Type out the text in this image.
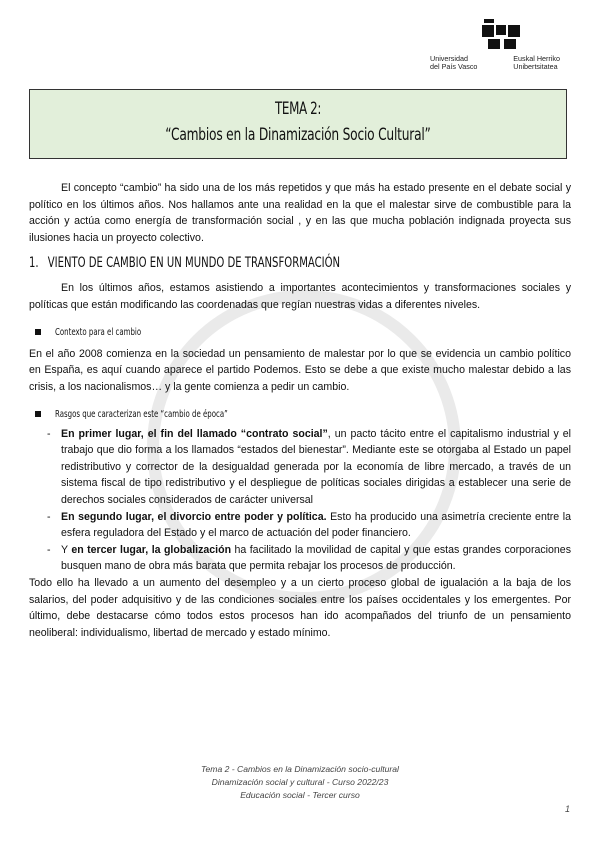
Universidad
del País Vasco
Euskal Herriko
Unibertsitatea
TEMA 2:
“Cambios en la Dinamización Socio Cultural”

El concepto “cambio” ha sido una de los más repetidos y que más ha estado presente en el debate social y político en los últimos años. Nos hallamos ante una realidad en la que el malestar sirve de combustible para la acción y actúa como energía de transformación social , y en las que mucha población indignada proyecta sus ilusiones hacia un proyecto colectivo.

1. VIENTO DE CAMBIO EN UN MUNDO DE TRANSFORMACIÓN

En los últimos años, estamos asistiendo a importantes acontecimientos y transformaciones sociales y políticas que están modificando las coordenadas que regían nuestras vidas a diferentes niveles.

Contexto para el cambio

En el año 2008 comienza en la sociedad un pensamiento de malestar por lo que se evidencia un cambio político en España, es aquí cuando aparece el partido Podemos. Esto se debe a que existe mucho malestar debido a las crisis, a los nacionalismos… y la gente comienza a pedir un cambio.

Rasgos que caracterizan este “cambio de época”
- En primer lugar, el fin del llamado “contrato social”, un pacto tácito entre el capitalismo industrial y el trabajo que dio forma a los llamados “estados del bienestar”. Mediante este se otorgaba al Estado un papel redistributivo y corrector de la desigualdad generada por la economía de libre mercado, a través de un sistema fiscal de tipo redistributivo y el despliegue de políticas sociales dirigidas a establecer una serie de derechos sociales considerados de carácter universal
- En segundo lugar, el divorcio entre poder y política. Esto ha producido una asimetría creciente entre la esfera reguladora del Estado y el marco de actuación del poder financiero.
- Y en tercer lugar, la globalización ha facilitado la movilidad de capital y que estas grandes corporaciones busquen mano de obra más barata que permita rebajar los procesos de producción.

Todo ello ha llevado a un aumento del desempleo y a un cierto proceso global de igualación a la baja de los salarios, del poder adquisitivo y de las condiciones sociales entre los países occidentales y los emergentes. Por último, debe destacarse cómo todos estos procesos han ido acompañados del triunfo de un pensamiento neoliberal: individualismo, libertad de mercado y estado mínimo.

Tema 2 - Cambios en la Dinamización socio-cultural
Dinamización social y cultural - Curso 2022/23
Educación social - Tercer curso
1
